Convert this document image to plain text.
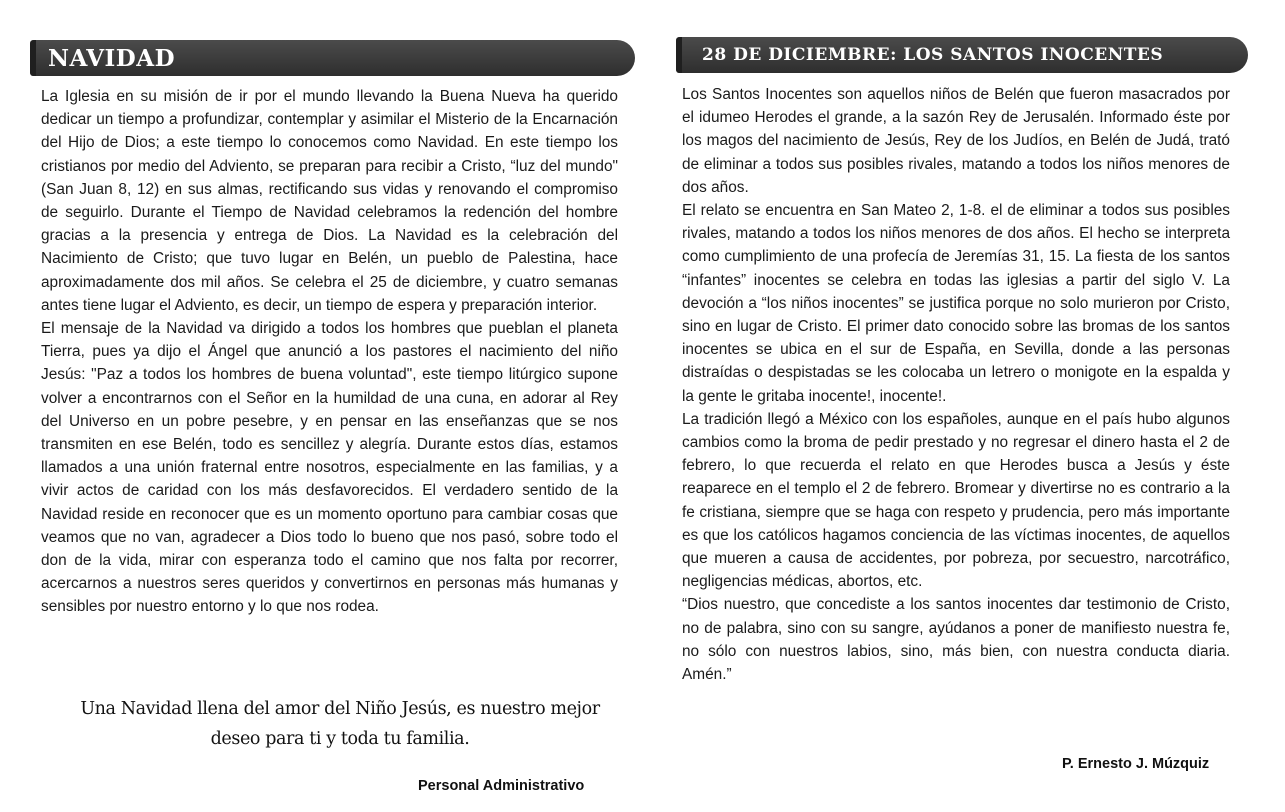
NAVIDAD

La Iglesia en su misión de ir por el mundo llevando la Buena Nueva ha querido dedicar un tiempo a profundizar, contemplar y asimilar el Misterio de la Encarnación del Hijo de Dios; a este tiempo lo conocemos como Navidad. En este tiempo los cristianos por medio del Adviento, se preparan para recibir a Cristo, “luz del mundo" (San Juan 8, 12) en sus almas, rectificando sus vidas y renovando el compromiso de seguirlo. Durante el Tiempo de Navidad celebramos la redención del hombre gracias a la presencia y entrega de Dios. La Navidad es la celebración del Nacimiento de Cristo; que tuvo lugar en Belén, un pueblo de Palestina, hace aproximadamente dos mil años. Se celebra el 25 de diciembre, y cuatro semanas antes tiene lugar el Adviento, es decir, un tiempo de espera y preparación interior.

El mensaje de la Navidad va dirigido a todos los hombres que pueblan el planeta Tierra, pues ya dijo el Ángel que anunció a los pastores el nacimiento del niño Jesús: "Paz a todos los hombres de buena voluntad", este tiempo litúrgico supone volver a encontrarnos con el Señor en la humildad de una cuna, en adorar al Rey del Universo en un pobre pesebre, y en pensar en las enseñanzas que se nos transmiten en ese Belén, todo es sencillez y alegría. Durante estos días, estamos llamados a una unión fraternal entre nosotros, especialmente en las familias, y a vivir actos de caridad con los más desfavorecidos. El verdadero sentido de la Navidad reside en reconocer que es un momento oportuno para cambiar cosas que veamos que no van, agradecer a Dios todo lo bueno que nos pasó, sobre todo el don de la vida, mirar con esperanza todo el camino que nos falta por recorrer, acercarnos a nuestros seres queridos y convertirnos en personas más humanas y sensibles por nuestro entorno y lo que nos rodea.

Una Navidad llena del amor del Niño Jesús, es nuestro mejor
deseo para ti y toda tu familia.
Personal Administrativo
28 DE DICIEMBRE: LOS SANTOS INOCENTES

Los Santos Inocentes son aquellos niños de Belén que fueron masacrados por el idumeo Herodes el grande, a la sazón Rey de Jerusalén. Informado éste por los magos del nacimiento de Jesús, Rey de los Judíos, en Belén de Judá, trató de eliminar a todos sus posibles rivales, matando a todos los niños menores de dos años.

El relato se encuentra en San Mateo 2, 1-8. el de eliminar a todos sus posibles rivales, matando a todos los niños menores de dos años. El hecho se interpreta como cumplimiento de una profecía de Jeremías 31, 15. La fiesta de los santos “infantes” inocentes se celebra en todas las iglesias a partir del siglo V. La devoción a “los niños inocentes” se justifica porque no solo murieron por Cristo, sino en lugar de Cristo. El primer dato conocido sobre las bromas de los santos inocentes se ubica en el sur de España, en Sevilla, donde a las personas distraídas o despistadas se les colocaba un letrero o monigote en la espalda y la gente le gritaba inocente!, inocente!.

La tradición llegó a México con los españoles, aunque en el país hubo algunos cambios como la broma de pedir prestado y no regresar el dinero hasta el 2 de febrero, lo que recuerda el relato en que Herodes busca a Jesús y éste reaparece en el templo el 2 de febrero. Bromear y divertirse no es contrario a la fe cristiana, siempre que se haga con respeto y prudencia, pero más importante es que los católicos hagamos conciencia de las víctimas inocentes, de aquellos que mueren a causa de accidentes, por pobreza, por secuestro, narcotráfico, negligencias médicas, abortos, etc.

“Dios nuestro, que concediste a los santos inocentes dar testimonio de Cristo, no de palabra, sino con su sangre, ayúdanos a poner de manifiesto nuestra fe, no sólo con nuestros labios, sino, más bien, con nuestra conducta diaria. Amén.”

P. Ernesto J. Múzquiz
